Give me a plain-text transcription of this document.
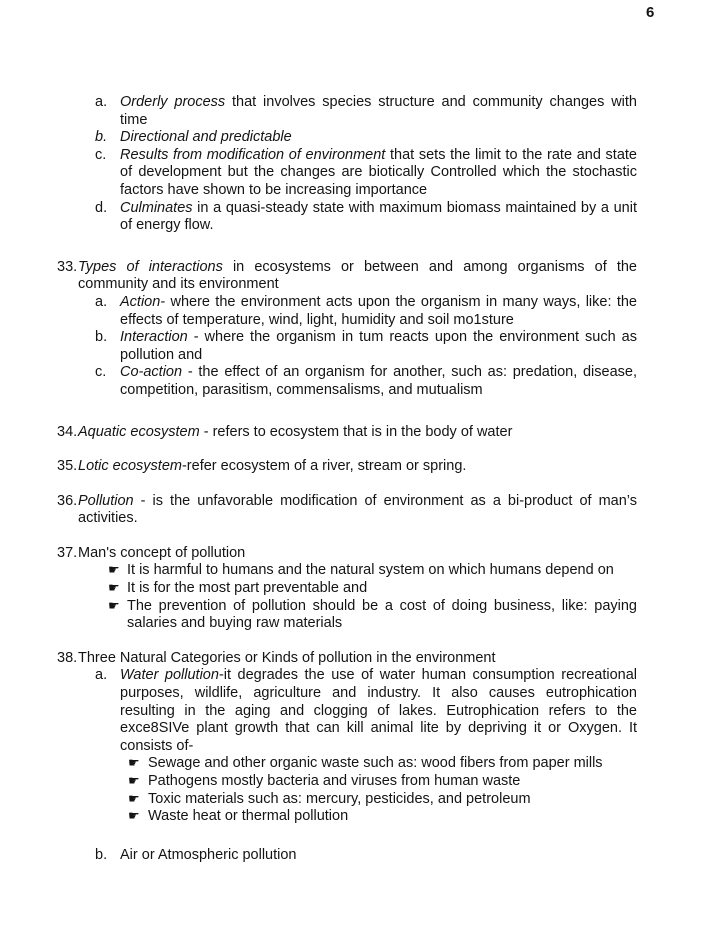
6
a. Orderly process that involves species structure and community changes with time
b. Directional and predictable
c. Results from modification of environment that sets the limit to the rate and state of development but the changes are biotically Controlled which the stochastic factors have shown to be increasing importance
d. Culminates in a quasi-steady state with maximum biomass maintained by a unit of energy flow.
33.Types of interactions in ecosystems or between and among organisms of the community and its environment
a. Action- where the environment acts upon the organism in many ways, like: the effects of temperature, wind, light, humidity and soil mo1sture
b. Interaction - where the organism in tum reacts upon the environment such as pollution and
c. Co-action - the effect of an organism for another, such as: predation, disease, competition, parasitism, commensalisms, and mutualism
34.Aquatic ecosystem - refers to ecosystem that is in the body of water
35.Lotic ecosystem-refer ecosystem of a river, stream or spring.
36.Pollution - is the unfavorable modification of environment as a bi-product of man’s activities.
37.Man's concept of pollution
☛ It is harmful to humans and the natural system on which humans depend on
☛ It is for the most part preventable and
☛ The prevention of pollution should be a cost of doing business, like: paying salaries and buying raw materials
38.Three Natural Categories or Kinds of pollution in the environment
a. Water pollution-it degrades the use of water human consumption recreational purposes, wildlife, agriculture and industry. It also causes eutrophication resulting in the aging and clogging of lakes. Eutrophication refers to the exce8SIVe plant growth that can kill animal lite by depriving it or Oxygen. It consists of-
☛ Sewage and other organic waste such as: wood fibers from paper mills
☛ Pathogens mostly bacteria and viruses from human waste
☛ Toxic materials such as: mercury, pesticides, and petroleum
☛ Waste heat or thermal pollution
b. Air or Atmospheric pollution
